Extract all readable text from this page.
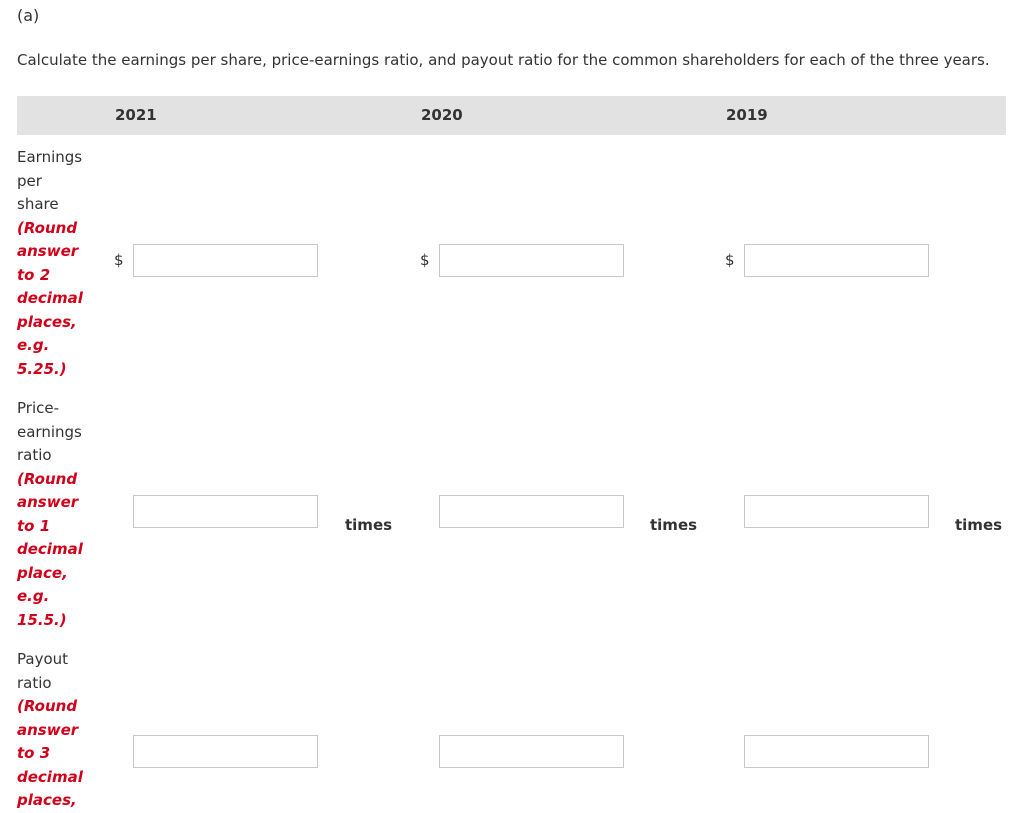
(a)
Calculate the earnings per share, price-earnings ratio, and payout ratio for the common shareholders for each of the three years.
2021	2020	2019
Earnings
per
share
(Round
answer
to 2
decimal
places,
e.g.
5.25.)
$	$	$
Price-
earnings
ratio
(Round
answer
to 1
decimal
place,
e.g.
15.5.)
times	times	times
Payout
ratio
(Round
answer
to 3
decimal
places,
